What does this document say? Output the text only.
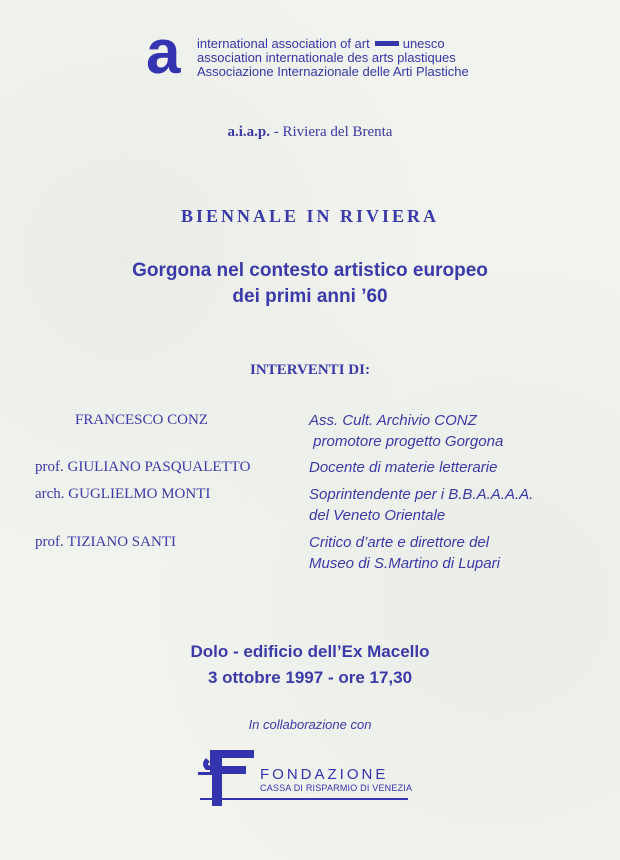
a international association of art	unesco
association internationale des arts plastiques
Associazione Internazionale delle Arti Plastiche
a.i.a.p. - Riviera del Brenta
BIENNALE IN RIVIERA
Gorgona nel contesto artistico europeo
dei primi anni ’60
INTERVENTI DI:
FRANCESCO CONZ	Ass. Cult. Archivio CONZ
promotore progetto Gorgona
prof. GIULIANO PASQUALETTO	Docente di materie letterarie
arch. GUGLIELMO MONTI	Soprintendente per i B.B.A.A.A.A.
del Veneto Orientale
prof. TIZIANO SANTI	Critico d’arte e direttore del
Museo di S.Martino di Lupari
Dolo - edificio dell’Ex Macello
3 ottobre 1997 - ore 17,30
In collaborazione con
FONDAZIONE
CASSA DI RISPARMIO DI VENEZIA
